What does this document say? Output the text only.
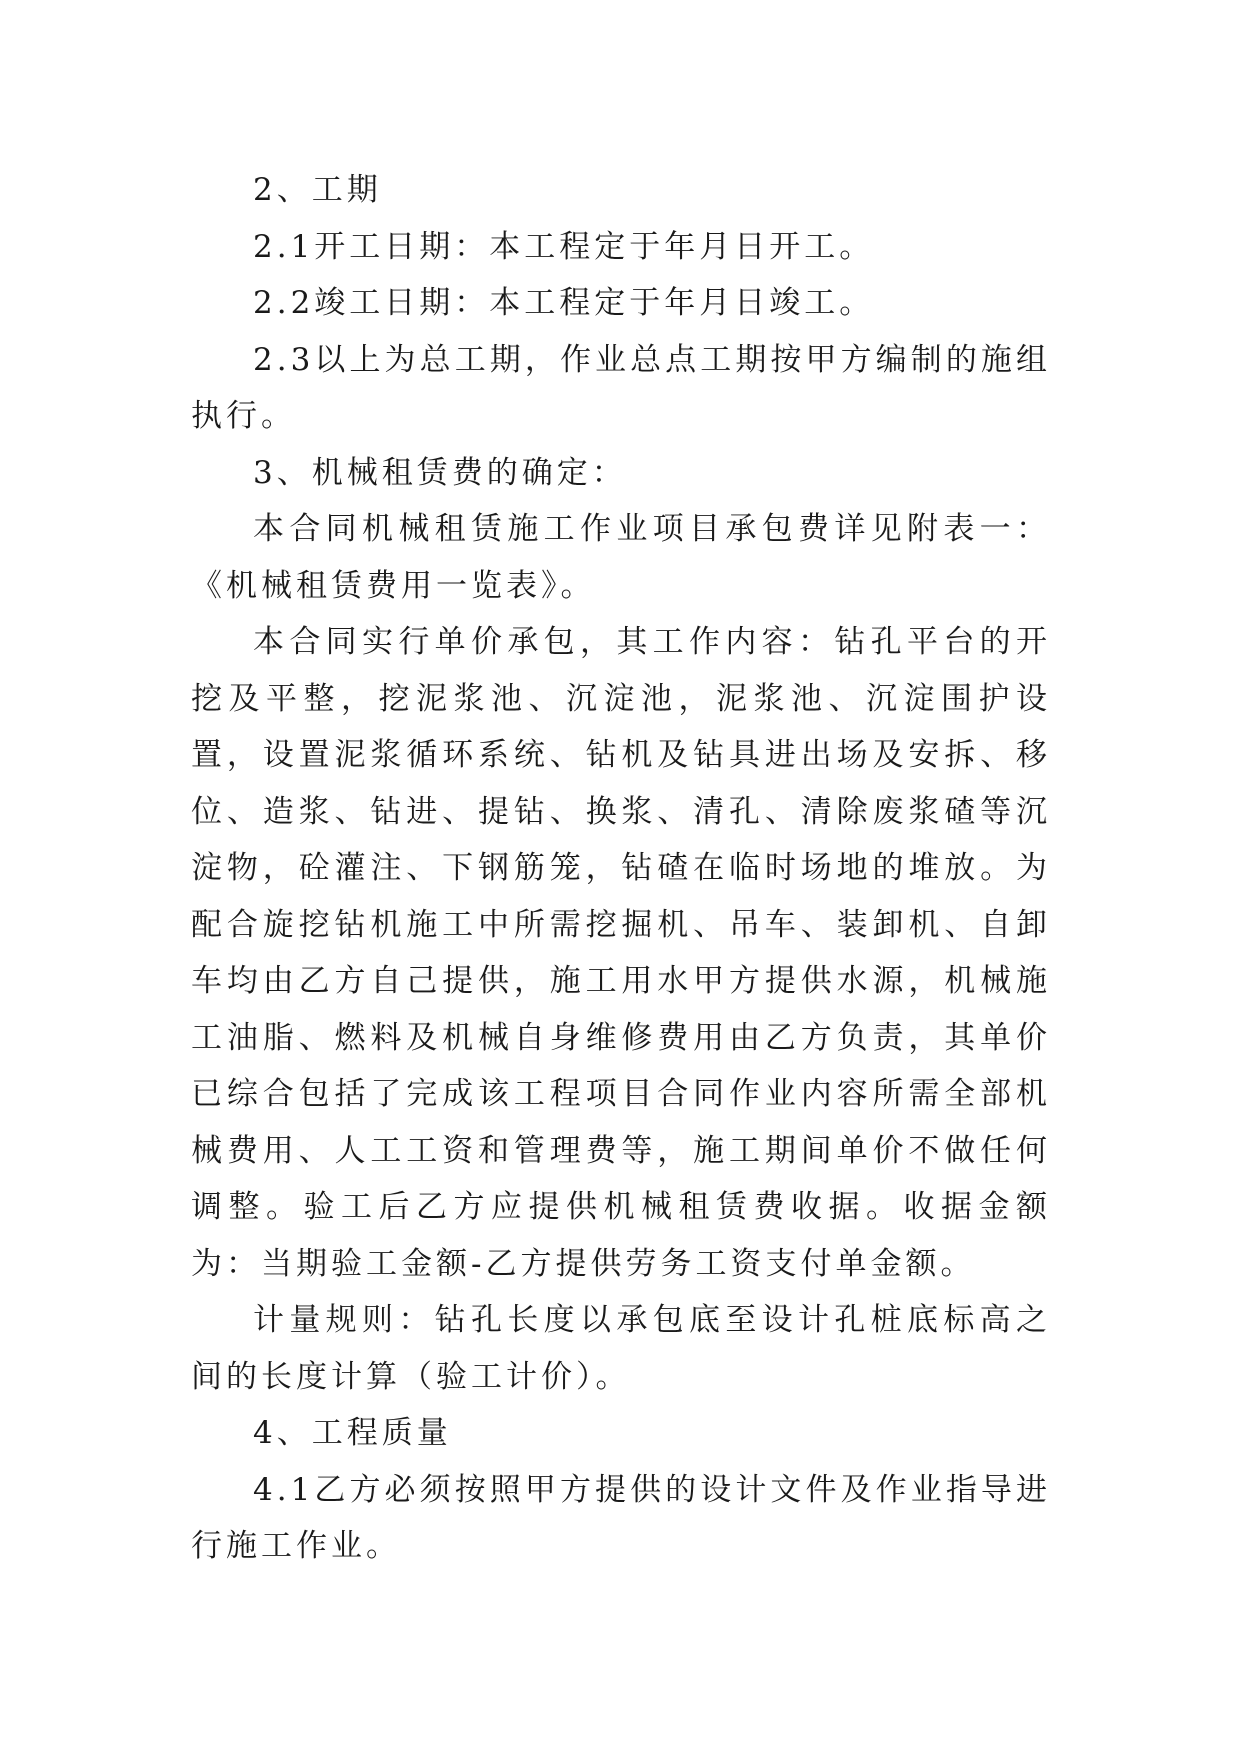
2、工期

2.1开工日期：本工程定于年月日开工。

2.2竣工日期：本工程定于年月日竣工。

2.3以上为总工期，作业总点工期按甲方编制的施组执行。

3、机械租赁费的确定：

本合同机械租赁施工作业项目承包费详见附表一：《机械租赁费用一览表》。

本合同实行单价承包，其工作内容：钻孔平台的开挖及平整，挖泥浆池、沉淀池，泥浆池、沉淀围护设置，设置泥浆循环系统、钻机及钻具进出场及安拆、移位、造浆、钻进、提钻、换浆、清孔、清除废浆碴等沉淀物，砼灌注、下钢筋笼，钻碴在临时场地的堆放。为配合旋挖钻机施工中所需挖掘机、吊车、装卸机、自卸车均由乙方自己提供，施工用水甲方提供水源，机械施工油脂、燃料及机械自身维修费用由乙方负责，其单价已综合包括了完成该工程项目合同作业内容所需全部机械费用、人工工资和管理费等，施工期间单价不做任何调整。验工后乙方应提供机械租赁费收据。收据金额为：当期验工金额-乙方提供劳务工资支付单金额。

计量规则：钻孔长度以承包底至设计孔桩底标高之间的长度计算（验工计价）。

4、工程质量

4.1乙方必须按照甲方提供的设计文件及作业指导进行施工作业。
